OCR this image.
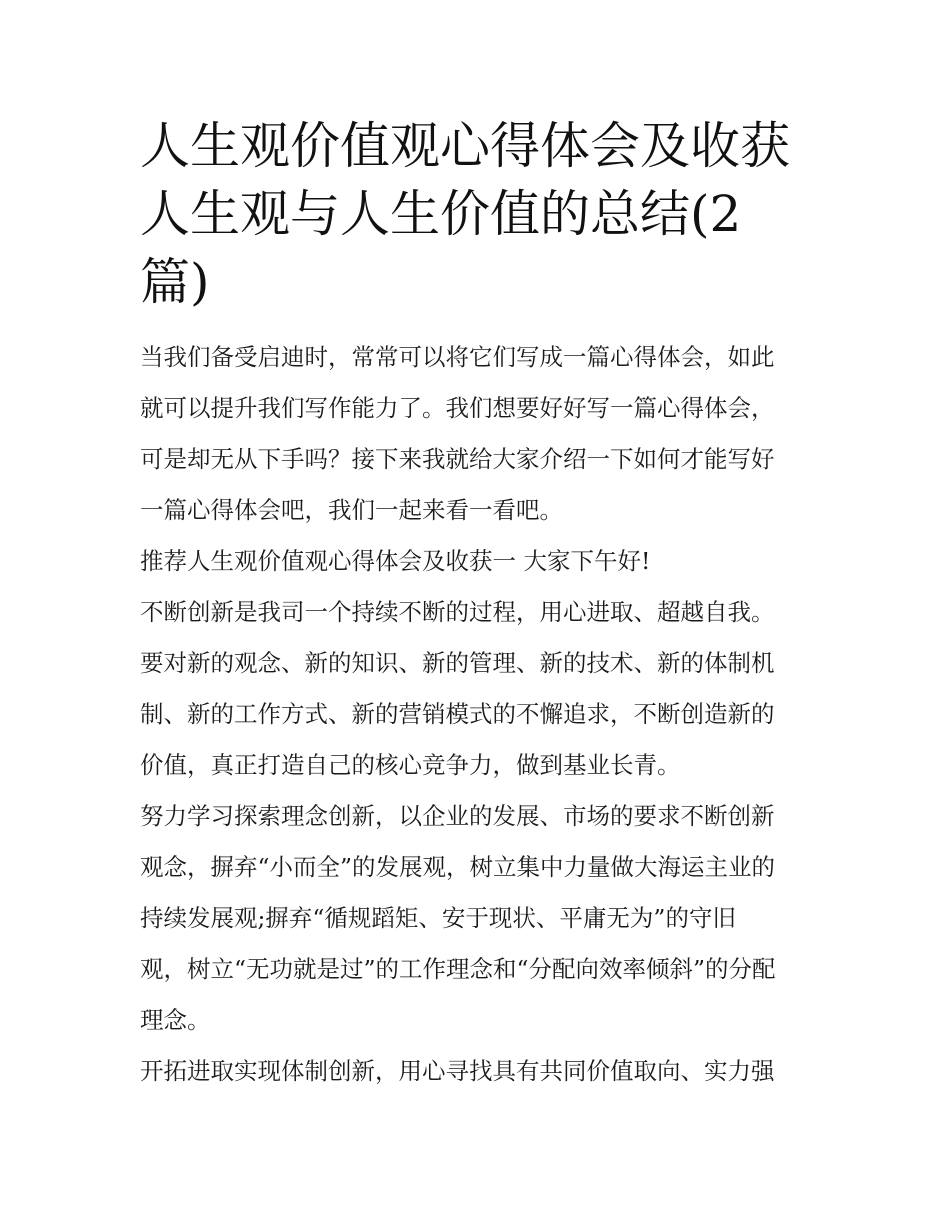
人生观价值观心得体会及收获
人生观与人生价值的总结(2
篇)

当我们备受启迪时，常常可以将它们写成一篇心得体会，如此
就可以提升我们写作能力了。我们想要好好写一篇心得体会，
可是却无从下手吗？接下来我就给大家介绍一下如何才能写好
一篇心得体会吧，我们一起来看一看吧。

推荐人生观价值观心得体会及收获一 大家下午好!

不断创新是我司一个持续不断的过程，用心进取、超越自我。
要对新的观念、新的知识、新的管理、新的技术、新的体制机
制、新的工作方式、新的营销模式的不懈追求，不断创造新的
价值，真正打造自己的核心竞争力，做到基业长青。

努力学习探索理念创新，以企业的发展、市场的要求不断创新
观念，摒弃“小而全”的发展观，树立集中力量做大海运主业的
持续发展观;摒弃“循规蹈矩、安于现状、平庸无为”的守旧
观，树立“无功就是过”的工作理念和“分配向效率倾斜”的分配
理念。

开拓进取实现体制创新，用心寻找具有共同价值取向、实力强
